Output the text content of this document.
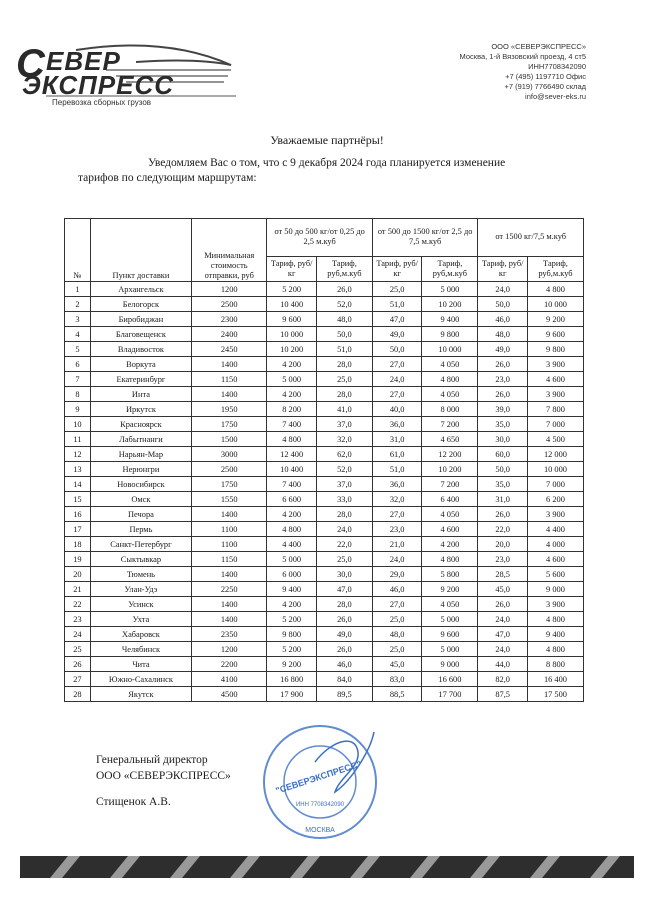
С ЕВЕР
ЭКСПРЕСС
Перевозка сборных грузов
ООО «СЕВЕРЭКСПРЕСС»
Москва, 1-й Вязовский проезд, 4 ст5
ИНН7708342090
+7 (495) 1197710 Офис
+7 (919) 7766490 склад
info@sever-eks.ru
Уважаемые партнёры!
Уведомляем Вас о том, что с 9 декабря 2024 года планируется изменение
тарифов по следующим маршрутам:
№	Пункт доставки	Минимальная стоимость отправки, руб	от 50 до 500 кг/от 0,25 до 2,5 м.куб		от 500 до 1500 кг/от 2,5 до 7,5 м.куб		от 1500 кг/7,5 м.куб	
			Тариф, руб/кг	Тариф, руб,м.куб	Тариф, руб/кг	Тариф, руб,м.куб	Тариф, руб/кг	Тариф, руб,м.куб
1	Архангельск	1200	5 200	26,0	25,0	5 000	24,0	4 800
2	Белогорск	2500	10 400	52,0	51,0	10 200	50,0	10 000
3	Биробиджан	2300	9 600	48,0	47,0	9 400	46,0	9 200
4	Благовещенск	2400	10 000	50,0	49,0	9 800	48,0	9 600
5	Владивосток	2450	10 200	51,0	50,0	10 000	49,0	9 800
6	Воркута	1400	4 200	28,0	27,0	4 050	26,0	3 900
7	Екатеринбург	1150	5 000	25,0	24,0	4 800	23,0	4 600
8	Инта	1400	4 200	28,0	27,0	4 050	26,0	3 900
9	Иркутск	1950	8 200	41,0	40,0	8 000	39,0	7 800
10	Красноярск	1750	7 400	37,0	36,0	7 200	35,0	7 000
11	Лабытнанги	1500	4 800	32,0	31,0	4 650	30,0	4 500
12	Нарьян-Мар	3000	12 400	62,0	61,0	12 200	60,0	12 000
13	Нерюнгри	2500	10 400	52,0	51,0	10 200	50,0	10 000
14	Новосибирск	1750	7 400	37,0	36,0	7 200	35,0	7 000
15	Омск	1550	6 600	33,0	32,0	6 400	31,0	6 200
16	Печора	1400	4 200	28,0	27,0	4 050	26,0	3 900
17	Пермь	1100	4 800	24,0	23,0	4 600	22,0	4 400
18	Санкт-Петербург	1100	4 400	22,0	21,0	4 200	20,0	4 000
19	Сыктывкар	1150	5 000	25,0	24,0	4 800	23,0	4 600
20	Тюмень	1400	6 000	30,0	29,0	5 800	28,5	5 600
21	Улан-Удэ	2250	9 400	47,0	46,0	9 200	45,0	9 000
22	Усинск	1400	4 200	28,0	27,0	4 050	26,0	3 900
23	Ухта	1400	5 200	26,0	25,0	5 000	24,0	4 800
24	Хабаровск	2350	9 800	49,0	48,0	9 600	47,0	9 400
25	Челябинск	1200	5 200	26,0	25,0	5 000	24,0	4 800
26	Чита	2200	9 200	46,0	45,0	9 000	44,0	8 800
27	Южно-Сахалинск	4100	16 800	84,0	83,0	16 600	82,0	16 400
28	Якутск	4500	17 900	89,5	88,5	17 700	87,5	17 500
Генеральный директор
ООО «СЕВЕРЭКСПРЕСС»
Стищенок А.В.
"СЕВЕРЭКСПРЕСС"
ИНН 7708342090
МОСКВА
